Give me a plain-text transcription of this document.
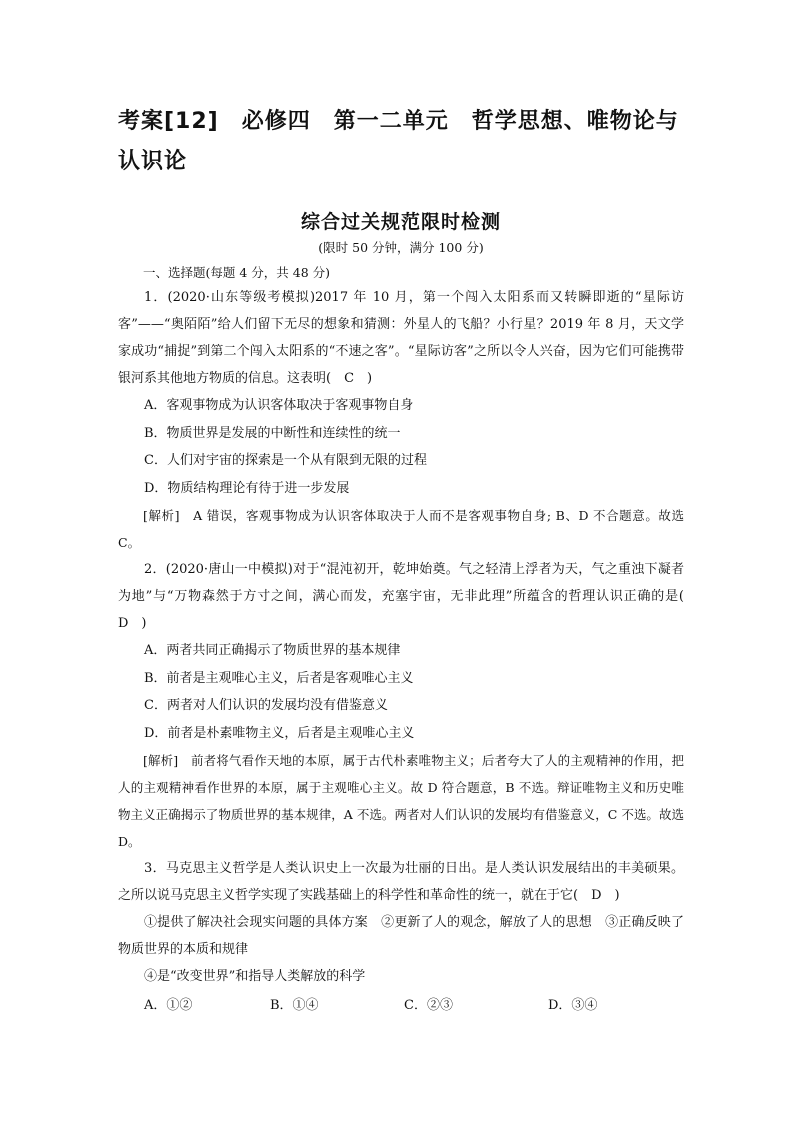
考案[12]　必修四　第一二单元　哲学思想、唯物论与认识论
综合过关规范限时检测
(限时 50 分钟，满分 100 分)
一、选择题(每题 4 分，共 48 分)

1．(2020·山东等级考模拟)2017 年 10 月，第一个闯入太阳系而又转瞬即逝的“星际访客”——“奥陌陌”给人们留下无尽的想象和猜测：外星人的飞船？小行星？2019 年 8 月，天文学家成功“捕捉”到第二个闯入太阳系的“不速之客”。“星际访客”之所以令人兴奋，因为它们可能携带银河系其他地方物质的信息。这表明(　C　)

A．客观事物成为认识客体取决于客观事物自身
B．物质世界是发展的中断性和连续性的统一
C．人们对宇宙的探索是一个从有限到无限的过程
D．物质结构理论有待于进一步发展

[解析]　A 错误，客观事物成为认识客体取决于人而不是客观事物自身; B、D 不合题意。故选 C。

2．(2020·唐山一中模拟)对于“混沌初开，乾坤始奠。气之轻清上浮者为天，气之重浊下凝者为地”与“万物森然于方寸之间，满心而发，充塞宇宙，无非此理”所蕴含的哲理认识正确的是(　D　)

A．两者共同正确揭示了物质世界的基本规律
B．前者是主观唯心主义，后者是客观唯心主义
C．两者对人们认识的发展均没有借鉴意义
D．前者是朴素唯物主义，后者是主观唯心主义

[解析]　前者将气看作天地的本原，属于古代朴素唯物主义；后者夸大了人的主观精神的作用，把人的主观精神看作世界的本原，属于主观唯心主义。故 D 符合题意，B 不选。辩证唯物主义和历史唯物主义正确揭示了物质世界的基本规律，A 不选。两者对人们认识的发展均有借鉴意义，C 不选。故选 D。

3．马克思主义哲学是人类认识史上一次最为壮丽的日出。是人类认识发展结出的丰美硕果。之所以说马克思主义哲学实现了实践基础上的科学性和革命性的统一，就在于它(　D　)

①提供了解决社会现实问题的具体方案　②更新了人的观念，解放了人的思想　③正确反映了物质世界的本质和规律

④是“改变世界”和指导人类解放的科学

A．①②	B．①④	C．②③	D．③④
